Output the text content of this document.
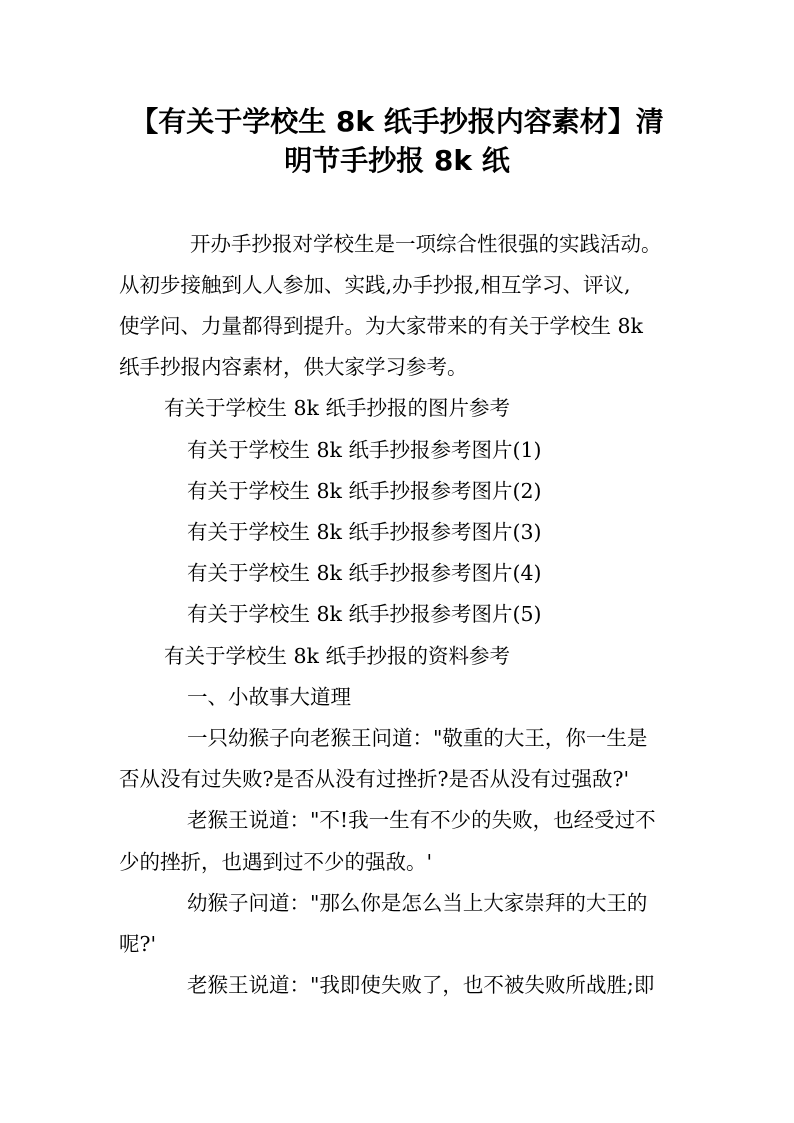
【有关于学校生 8k 纸手抄报内容素材】清
明节手抄报 8k 纸
开办手抄报对学校生是一项综合性很强的实践活动。
从初步接触到人人参加、实践,办手抄报,相互学习、评议,
使学问、力量都得到提升。为大家带来的有关于学校生 8k
纸手抄报内容素材，供大家学习参考。
有关于学校生 8k 纸手抄报的图片参考
有关于学校生 8k 纸手抄报参考图片(1)
有关于学校生 8k 纸手抄报参考图片(2)
有关于学校生 8k 纸手抄报参考图片(3)
有关于学校生 8k 纸手抄报参考图片(4)
有关于学校生 8k 纸手抄报参考图片(5)
有关于学校生 8k 纸手抄报的资料参考
一、小故事大道理
一只幼猴子向老猴王问道："敬重的大王，你一生是
否从没有过失败?是否从没有过挫折?是否从没有过强敌?'
老猴王说道："不!我一生有不少的失败，也经受过不
少的挫折，也遇到过不少的强敌。'
幼猴子问道："那么你是怎么当上大家崇拜的大王的
呢?'
老猴王说道："我即使失败了，也不被失败所战胜;即
